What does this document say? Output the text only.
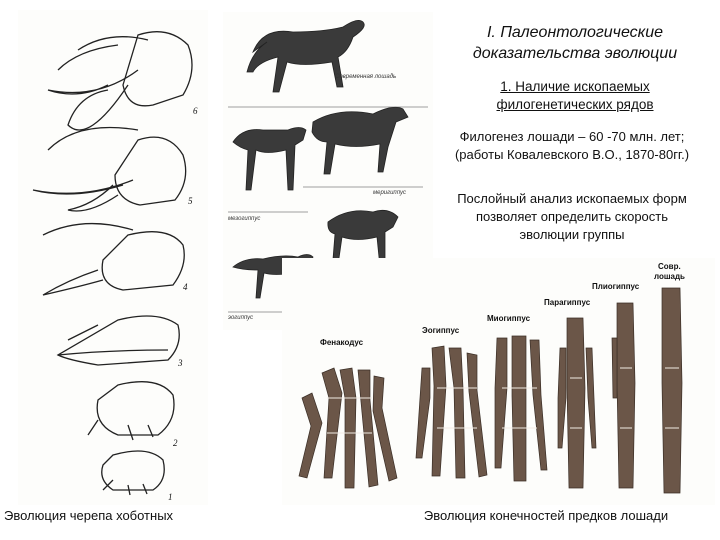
6
5
4
3
2
1
Современная лошадь
меригиппус
мезогиппус
эогиппус
Фенакодус
Эогиппус
Миогиппус
Парагиппус
Плиогиппус
Совр.
лошадь
I. Палеонтологические
доказательства эволюции
1. Наличие ископаемых
филогенетических рядов
Филогенез лошади – 60 -70 млн. лет;
(работы Ковалевского В.О., 1870-80гг.)
Послойный анализ ископаемых форм
позволяет определить скорость
эволюции группы
Эволюция черепа хоботных	Эволюция конечностей предков лошади
